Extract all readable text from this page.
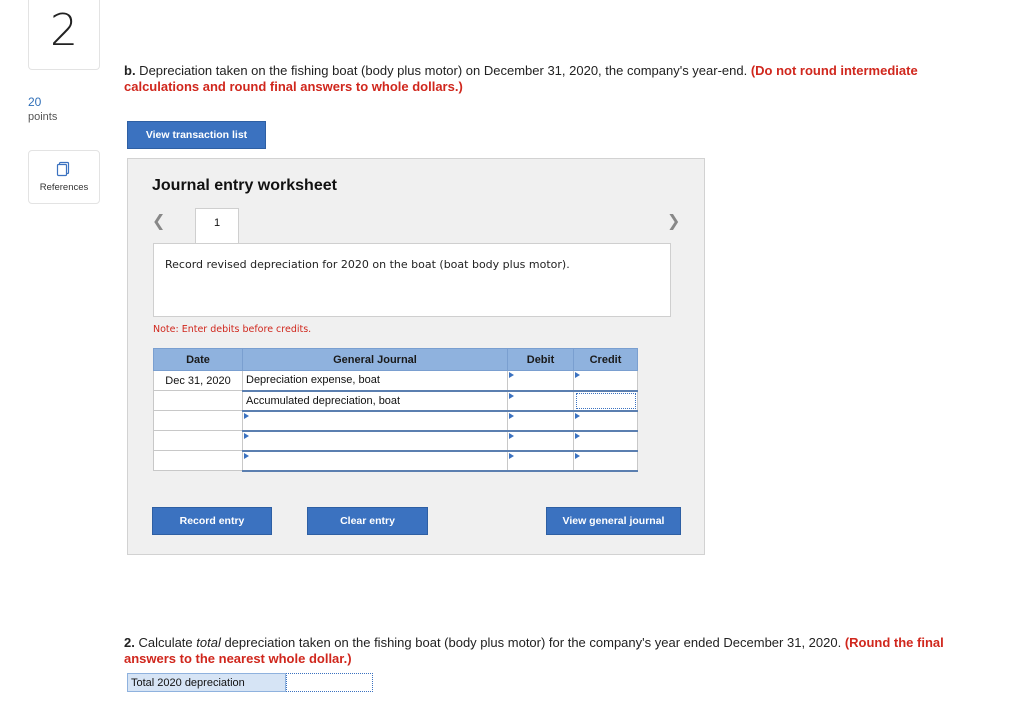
2
20
points
References
b. Depreciation taken on the fishing boat (body plus motor) on December 31, 2020, the company's year-end. (Do not round intermediate calculations and round final answers to whole dollars.)
View transaction list
Journal entry worksheet
❮	1	❯
Record revised depreciation for 2020 on the boat (boat body plus motor).
Note: Enter debits before credits.
Date	General Journal	Debit	Credit
Dec 31, 2020	Depreciation expense, boat		
	Accumulated depreciation, boat		

Record entry	Clear entry	View general journal
2. Calculate total depreciation taken on the fishing boat (body plus motor) for the company's year ended December 31, 2020. (Round the final answers to the nearest whole dollar.)
Total 2020 depreciation
